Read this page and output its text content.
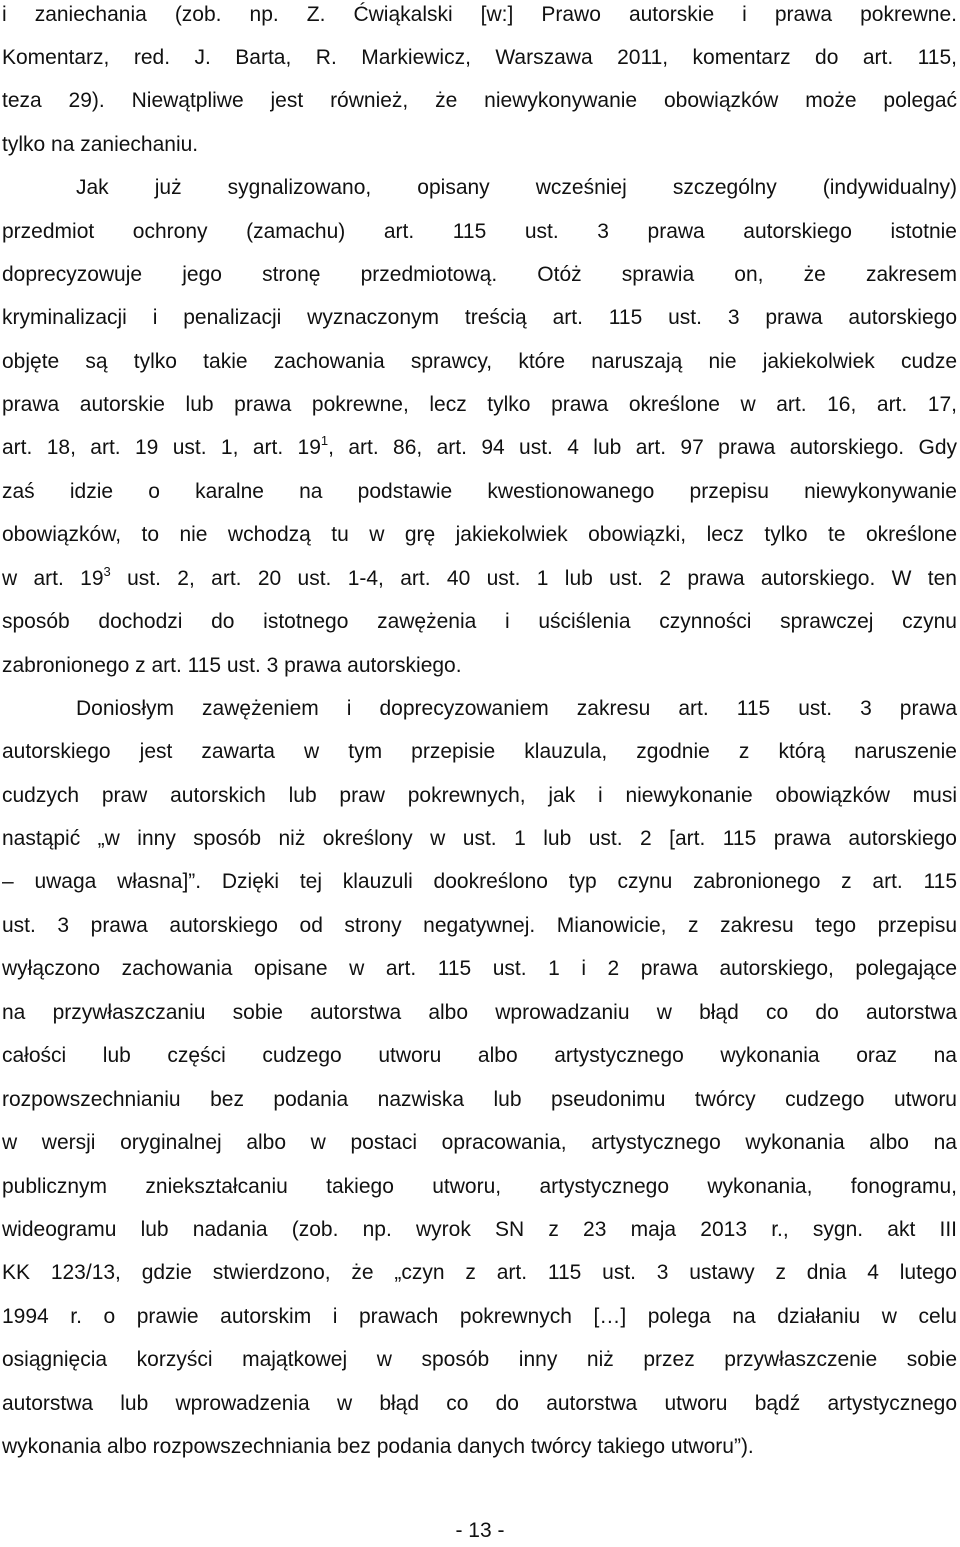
i zaniechania (zob. np. Z. Ćwiąkalski [w:] Prawo autorskie i prawa pokrewne.
Komentarz, red. J. Barta, R. Markiewicz, Warszawa 2011, komentarz do art. 115,
teza 29). Niewątpliwe jest również, że niewykonywanie obowiązków może polegać
tylko na zaniechaniu.
Jak już sygnalizowano, opisany wcześniej szczególny (indywidualny)
przedmiot ochrony (zamachu) art. 115 ust. 3 prawa autorskiego istotnie
doprecyzowuje jego stronę przedmiotową. Otóż sprawia on, że zakresem
kryminalizacji i penalizacji wyznaczonym treścią art. 115 ust. 3 prawa autorskiego
objęte są tylko takie zachowania sprawcy, które naruszają nie jakiekolwiek cudze
prawa autorskie lub prawa pokrewne, lecz tylko prawa określone w art. 16, art. 17,
art. 18, art. 19 ust. 1, art. $19^1$, art. 86, art. 94 ust. 4 lub art. 97 prawa autorskiego. Gdy
zaś idzie o karalne na podstawie kwestionowanego przepisu niewykonywanie
obowiązków, to nie wchodzą tu w grę jakiekolwiek obowiązki, lecz tylko te określone
w art. $19^3$ ust. 2, art. 20 ust. 1-4, art. 40 ust. 1 lub ust. 2 prawa autorskiego. W ten
sposób dochodzi do istotnego zawężenia i uściślenia czynności sprawczej czynu
zabronionego z art. 115 ust. 3 prawa autorskiego.
Doniosłym zawężeniem i doprecyzowaniem zakresu art. 115 ust. 3 prawa
autorskiego jest zawarta w tym przepisie klauzula, zgodnie z którą naruszenie
cudzych praw autorskich lub praw pokrewnych, jak i niewykonanie obowiązków musi
nastąpić „w inny sposób niż określony w ust. 1 lub ust. 2 [art. 115 prawa autorskiego
– uwaga własna]”. Dzięki tej klauzuli dookreślono typ czynu zabronionego z art. 115
ust. 3 prawa autorskiego od strony negatywnej. Mianowicie, z zakresu tego przepisu
wyłączono zachowania opisane w art. 115 ust. 1 i 2 prawa autorskiego, polegające
na przywłaszczaniu sobie autorstwa albo wprowadzaniu w błąd co do autorstwa
całości lub części cudzego utworu albo artystycznego wykonania oraz na
rozpowszechnianiu bez podania nazwiska lub pseudonimu twórcy cudzego utworu
w wersji oryginalnej albo w postaci opracowania, artystycznego wykonania albo na
publicznym zniekształcaniu takiego utworu, artystycznego wykonania, fonogramu,
wideogramu lub nadania (zob. np. wyrok SN z 23 maja 2013 r., sygn. akt III
KK 123/13, gdzie stwierdzono, że „czyn z art. 115 ust. 3 ustawy z dnia 4 lutego
1994 r. o prawie autorskim i prawach pokrewnych […] polega na działaniu w celu
osiągnięcia korzyści majątkowej w sposób inny niż przez przywłaszczenie sobie
autorstwa lub wprowadzenia w błąd co do autorstwa utworu bądź artystycznego
wykonania albo rozpowszechniania bez podania danych twórcy takiego utworu”).
- 13 -
